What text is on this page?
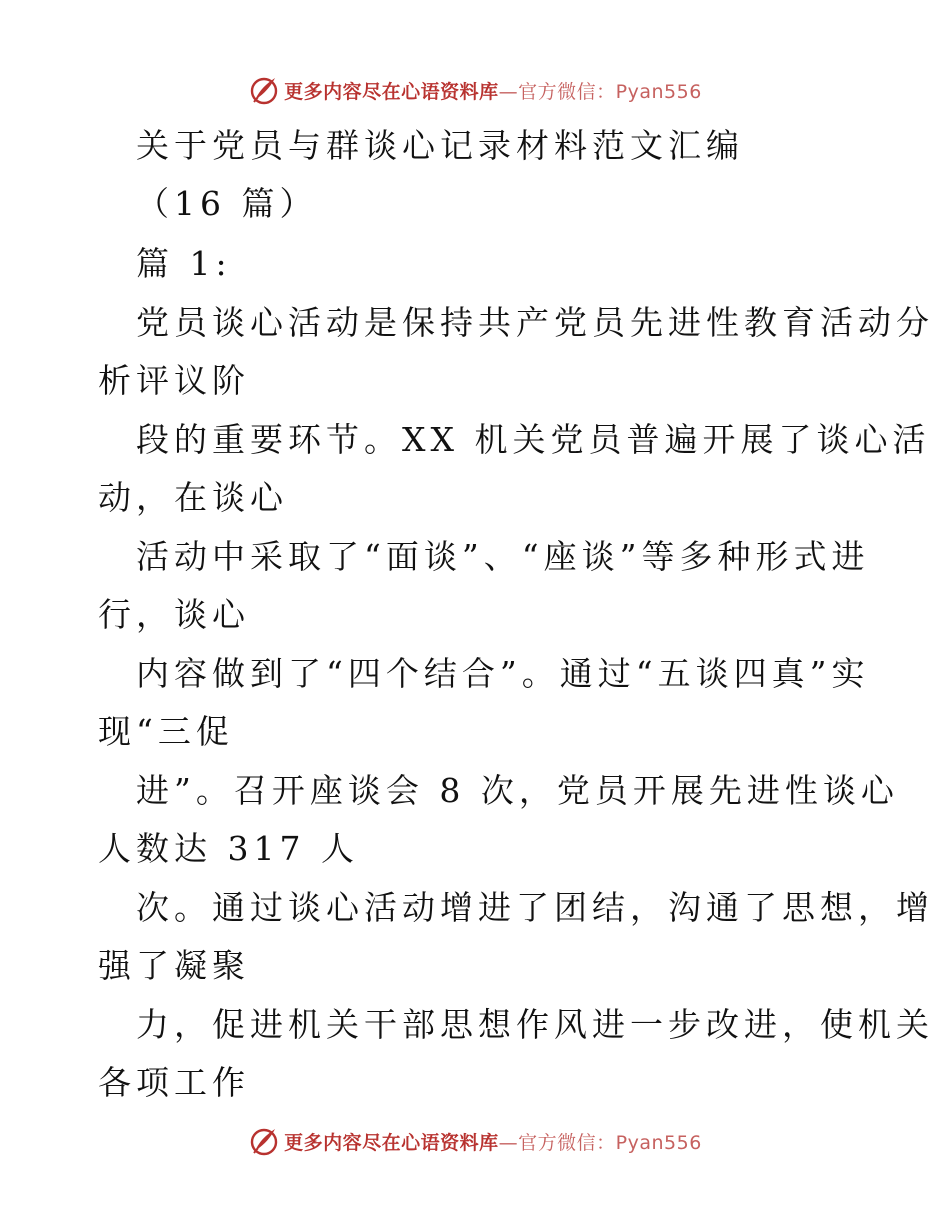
更多内容尽在心语资料库—官方微信：Pyan556
关于党员与群谈心记录材料范文汇编
（16 篇）
篇 1:
党员谈心活动是保持共产党员先进性教育活动分
析评议阶
段的重要环节。XX 机关党员普遍开展了谈心活
动，在谈心
活动中采取了“面谈”、“座谈”等多种形式进
行，谈心
内容做到了“四个结合”。通过“五谈四真”实
现“三促
进”。召开座谈会 8 次，党员开展先进性谈心
人数达 317 人
次。通过谈心活动增进了团结，沟通了思想，增
强了凝聚
力，促进机关干部思想作风进一步改进，使机关
各项工作
更多内容尽在心语资料库—官方微信：Pyan556
